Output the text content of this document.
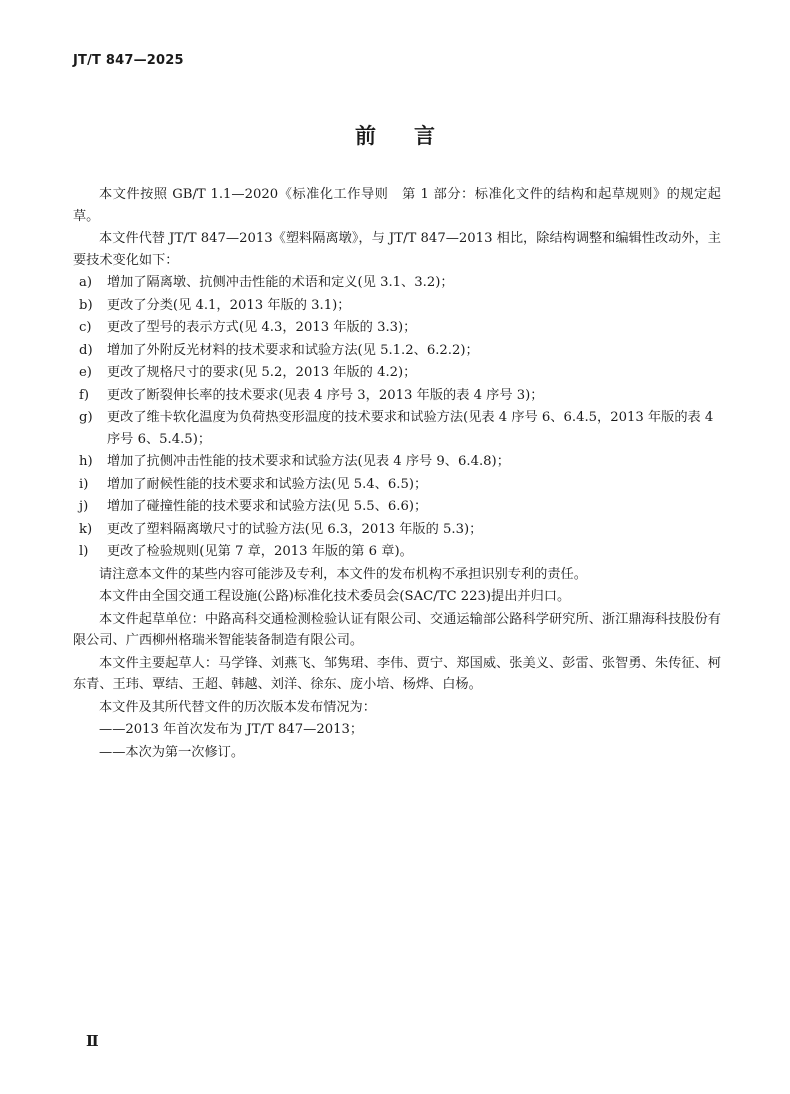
JT/T 847—2025
前言

本文件按照 GB/T 1.1—2020《标准化工作导则　第 1 部分：标准化文件的结构和起草规则》的规定起草。

本文件代替 JT/T 847—2013《塑料隔离墩》，与 JT/T 847—2013 相比，除结构调整和编辑性改动外，主要技术变化如下：

a)	增加了隔离墩、抗侧冲击性能的术语和定义(见 3.1、3.2)；
b)	更改了分类(见 4.1，2013 年版的 3.1)；
c)	更改了型号的表示方式(见 4.3，2013 年版的 3.3)；
d)	增加了外附反光材料的技术要求和试验方法(见 5.1.2、6.2.2)；
e)	更改了规格尺寸的要求(见 5.2，2013 年版的 4.2)；
f)	更改了断裂伸长率的技术要求(见表 4 序号 3，2013 年版的表 4 序号 3)；
g)	更改了维卡软化温度为负荷热变形温度的技术要求和试验方法(见表 4 序号 6、6.4.5，2013 年版的表 4 序号 6、5.4.5)；
h)	增加了抗侧冲击性能的技术要求和试验方法(见表 4 序号 9、6.4.8)；
i)	增加了耐候性能的技术要求和试验方法(见 5.4、6.5)；
j)	增加了碰撞性能的技术要求和试验方法(见 5.5、6.6)；
k)	更改了塑料隔离墩尺寸的试验方法(见 6.3，2013 年版的 5.3)；
l)	更改了检验规则(见第 7 章，2013 年版的第 6 章)。

请注意本文件的某些内容可能涉及专利，本文件的发布机构不承担识别专利的责任。

本文件由全国交通工程设施(公路)标准化技术委员会(SAC/TC 223)提出并归口。

本文件起草单位：中路高科交通检测检验认证有限公司、交通运输部公路科学研究所、浙江鼎海科技股份有限公司、广西柳州格瑞米智能装备制造有限公司。

本文件主要起草人：马学锋、刘燕飞、邹隽珺、李伟、贾宁、郑国威、张美义、彭雷、张智勇、朱传征、柯东青、王玮、覃结、王超、韩越、刘洋、徐东、庞小培、杨烨、白杨。

本文件及其所代替文件的历次版本发布情况为：

——2013 年首次发布为 JT/T 847—2013；

——本次为第一次修订。

Ⅱ
